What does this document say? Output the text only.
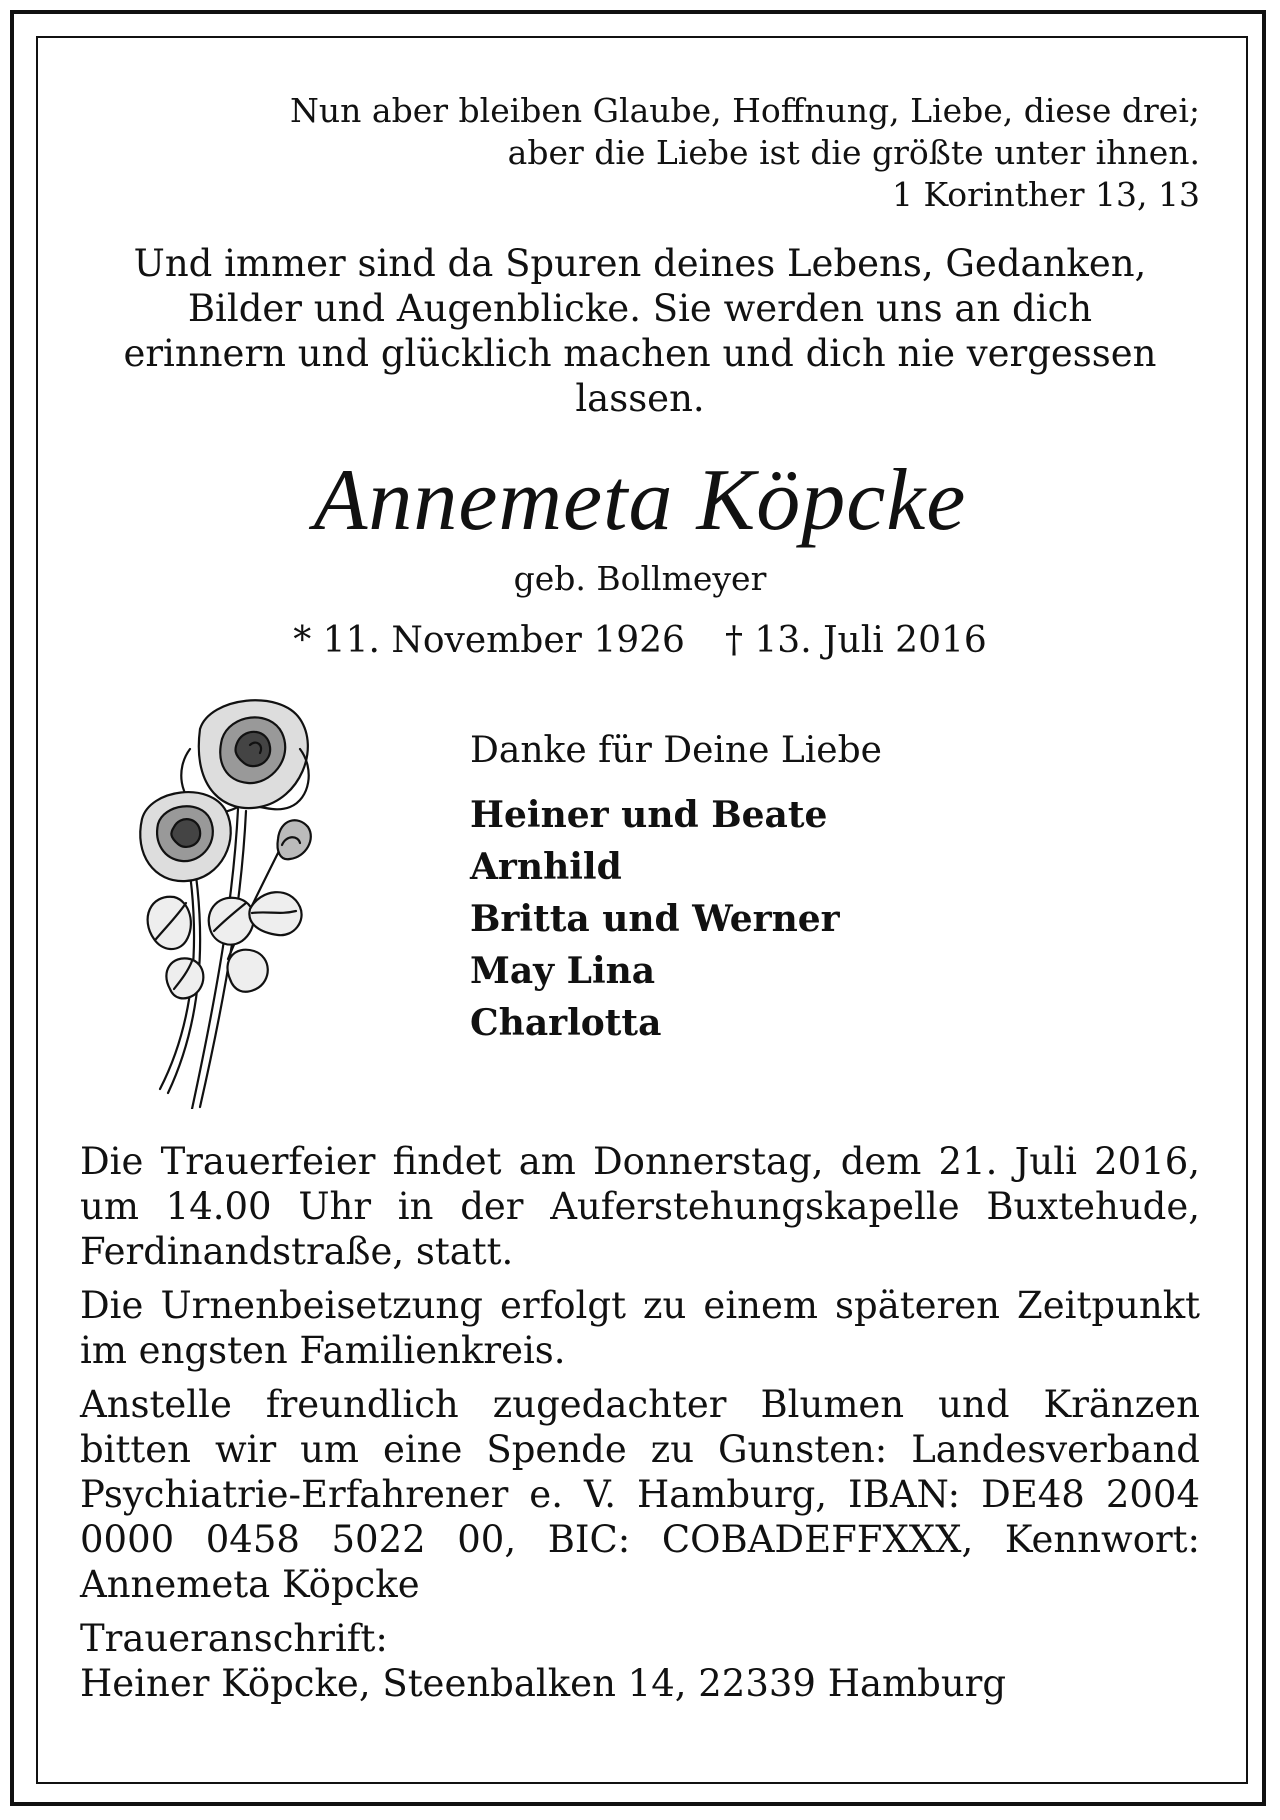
Nun aber bleiben Glaube, Hoffnung, Liebe, diese drei;
aber die Liebe ist die größte unter ihnen.
1 Korinther 13, 13
Und immer sind da Spuren deines Lebens, Gedanken, Bilder und Augenblicke. Sie werden uns an dich erinnern und glücklich machen und dich nie vergessen lassen.
Annemeta Köpcke
geb. Bollmeyer
* 11. November 1926 † 13. Juli 2016
Danke für Deine Liebe
Heiner und Beate
Arnhild
Britta und Werner
May Lina
Charlotta

Die Trauerfeier findet am Donnerstag, dem 21. Juli 2016, um 14.00 Uhr in der Auferstehungskapelle Buxtehude, Ferdinandstraße, statt.

Die Urnenbeisetzung erfolgt zu einem späteren Zeitpunkt im engsten Familienkreis.

Anstelle freundlich zugedachter Blumen und Kränzen bitten wir um eine Spende zu Gunsten: Landesverband Psychiatrie-Erfahrener e. V. Hamburg, IBAN: DE48 2004 0000 0458 5022 00, BIC: COBADEFFXXX, Kennwort: Annemeta Köpcke

Traueranschrift:

Heiner Köpcke, Steenbalken 14, 22339 Hamburg
